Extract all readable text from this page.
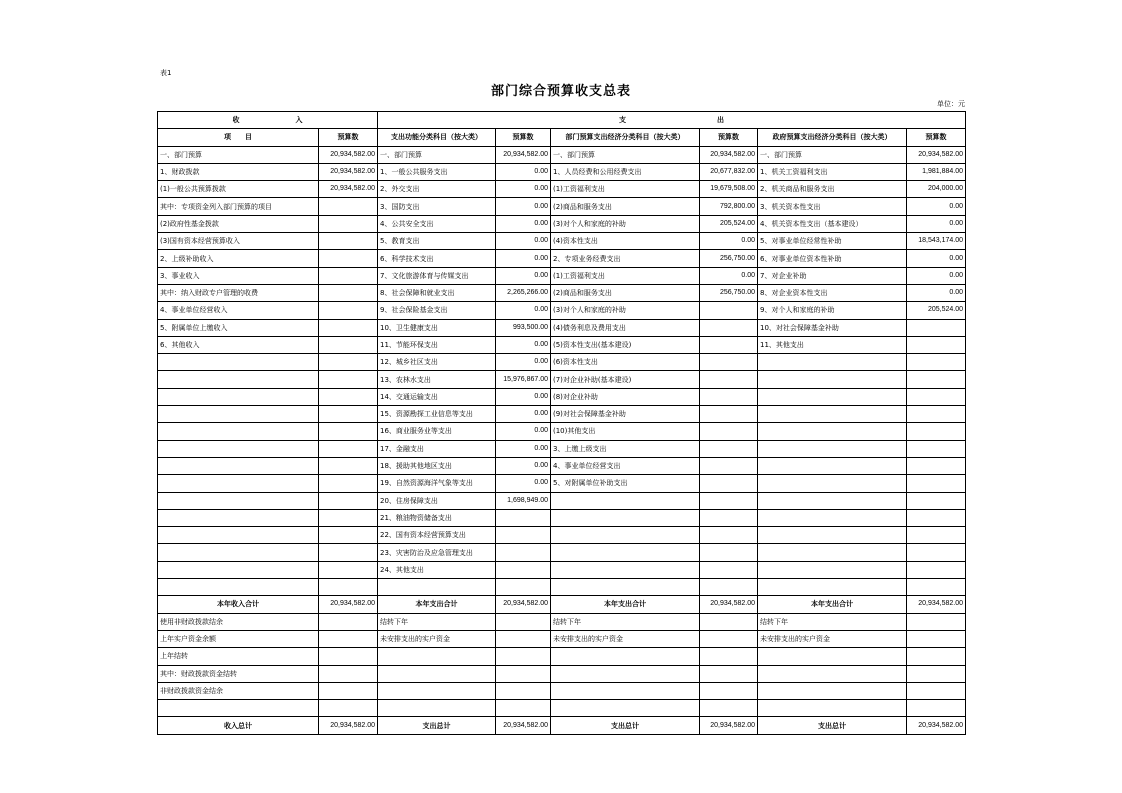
表1
部门综合预算收支总表
单位：元
收　　　　　　　　入		支　　　　　　　　　　　　　出					
项　　目	预算数	支出功能分类科目（按大类）	预算数	部门预算支出经济分类科目（按大类）	预算数	政府预算支出经济分类科目（按大类）	预算数
一、部门预算	20,934,582.00	一、部门预算	20,934,582.00	一、部门预算	20,934,582.00	一、部门预算	20,934,582.00
1、财政拨款	20,934,582.00	1、一般公共服务支出	0.00	1、人员经费和公用经费支出	20,677,832.00	1、机关工资福利支出	1,981,884.00
(1)一般公共预算拨款	20,934,582.00	2、外交支出	0.00	(1)工资福利支出	19,679,508.00	2、机关商品和服务支出	204,000.00
其中：专项资金列入部门预算的项目		3、国防支出	0.00	(2)商品和服务支出	792,800.00	3、机关资本性支出	0.00
(2)政府性基金拨款		4、公共安全支出	0.00	(3)对个人和家庭的补助	205,524.00	4、机关资本性支出（基本建设）	0.00
(3)国有资本经营预算收入		5、教育支出	0.00	(4)资本性支出	0.00	5、对事业单位经常性补助	18,543,174.00
2、上级补助收入		6、科学技术支出	0.00	2、专项业务经费支出	256,750.00	6、对事业单位资本性补助	0.00
3、事业收入		7、文化旅游体育与传媒支出	0.00	(1)工资福利支出	0.00	7、对企业补助	0.00
其中：纳入财政专户管理的收费		8、社会保障和就业支出	2,265,266.00	(2)商品和服务支出	256,750.00	8、对企业资本性支出	0.00
4、事业单位经营收入		9、社会保险基金支出	0.00	(3)对个人和家庭的补助		9、对个人和家庭的补助	205,524.00
5、附属单位上缴收入		10、卫生健康支出	993,500.00	(4)债务利息及费用支出		10、对社会保障基金补助	
6、其他收入		11、节能环保支出	0.00	(5)资本性支出(基本建设)		11、其他支出	
		12、城乡社区支出	0.00	(6)资本性支出			
		13、农林水支出	15,976,867.00	(7)对企业补助(基本建设)			
		14、交通运输支出	0.00	(8)对企业补助			
		15、资源勘探工业信息等支出	0.00	(9)对社会保障基金补助			
		16、商业服务业等支出	0.00	(10)其他支出			
		17、金融支出	0.00	3、上缴上级支出			
		18、援助其他地区支出	0.00	4、事业单位经营支出			
		19、自然资源海洋气象等支出	0.00	5、对附属单位补助支出			
		20、住房保障支出	1,698,949.00				
		21、粮油物资储备支出					
		22、国有资本经营预算支出					
		23、灾害防治及应急管理支出					
		24、其他支出					

本年收入合计	20,934,582.00	本年支出合计	20,934,582.00	本年支出合计	20,934,582.00	本年支出合计	20,934,582.00
使用非财政拨款结余		结转下年		结转下年		结转下年	
上年实户资金余额		未安排支出的实户资金		未安排支出的实户资金		未安排支出的实户资金	
上年结转							
其中：财政拨款资金结转							
非财政拨款资金结余							

收入总计	20,934,582.00	支出总计	20,934,582.00	支出总计	20,934,582.00	支出总计	20,934,582.00
